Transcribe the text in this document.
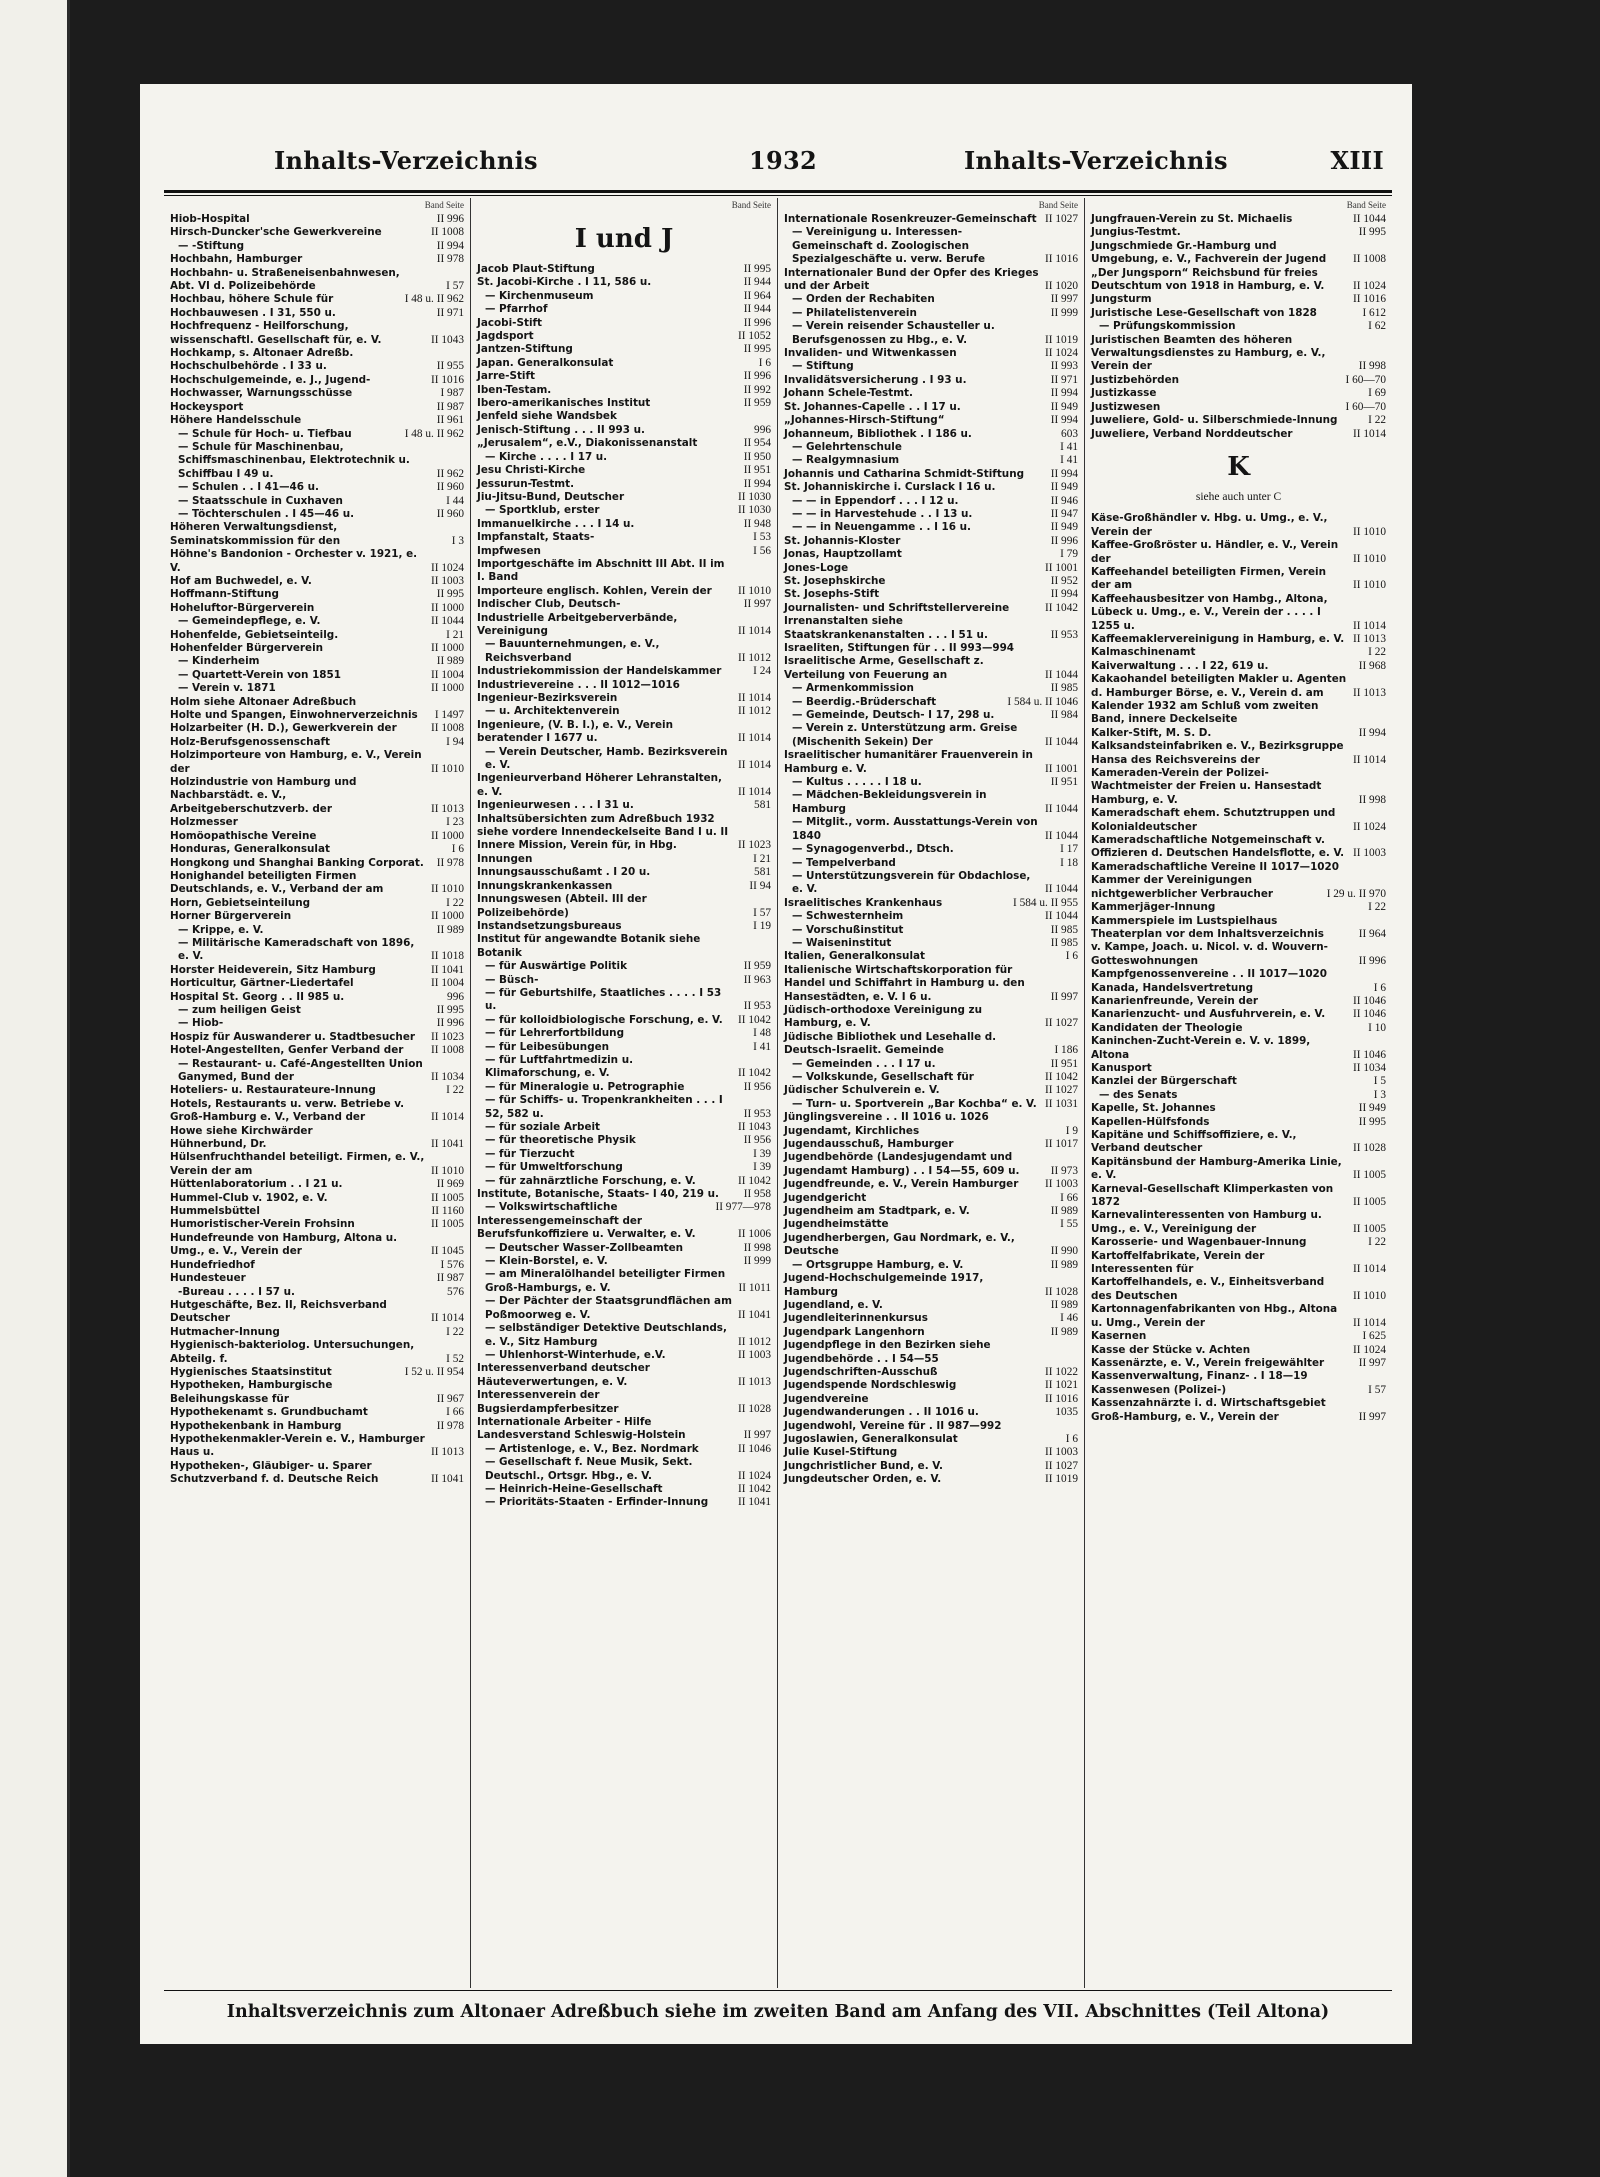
Inhalts-Verzeichnis	1932	Inhalts-Verzeichnis	XIII
Band Seite
Hiob-Hospital	II 996
Hirsch-Duncker'sche Gewerkvereine	II 1008
— -Stiftung	II 994
Hochbahn, Hamburger	II 978
Hochbahn- u. Straßeneisenbahnwesen, Abt. VI d. Polizeibehörde	I 57
Hochbau, höhere Schule für	I 48 u. II 962
Hochbauwesen . I 31, 550 u.	II 971
Hochfrequenz - Heilforschung, wissenschaftl. Gesellschaft für, e. V.	II 1043
Hochkamp, s. Altonaer Adreßb.
Hochschulbehörde . I 33 u.	II 955
Hochschulgemeinde, e. J., Jugend-	II 1016
Hochwasser, Warnungsschüsse	I 987
Hockeysport	II 987
Höhere Handelsschule	II 961
— Schule für Hoch- u. Tiefbau	I 48 u. II 962
— Schule für Maschinenbau, Schiffsmaschinenbau, Elektrotechnik u. Schiffbau I 49 u.	II 962
— Schulen . . I 41—46 u.	II 960
— Staatsschule in Cuxhaven	I 44
— Töchterschulen . I 45—46 u.	II 960
Höheren Verwaltungsdienst, Seminatskommission für den	I 3
Höhne's Bandonion - Orchester v. 1921, e. V.	II 1024
Hof am Buchwedel, e. V.	II 1003
Hoffmann-Stiftung	II 995
Hoheluftor-Bürgerverein	II 1000
— Gemeindepflege, e. V.	II 1044
Hohenfelde, Gebietseinteilg.	I 21
Hohenfelder Bürgerverein	II 1000
— Kinderheim	II 989
— Quartett-Verein von 1851	II 1004
— Verein v. 1871	II 1000
Holm siehe Altonaer Adreßbuch
Holte und Spangen, Einwohnerverzeichnis	I 1497
Holzarbeiter (H. D.), Gewerkverein der	II 1008
Holz-Berufsgenossenschaft	I 94
Holzimporteure von Hamburg, e. V., Verein der	II 1010
Holzindustrie von Hamburg und Nachbarstädt. e. V., Arbeitgeberschutzverb. der	II 1013
Holzmesser	I 23
Homöopathische Vereine	II 1000
Honduras, Generalkonsulat	I 6
Hongkong und Shanghai Banking Corporat.	II 978
Honighandel beteiligten Firmen Deutschlands, e. V., Verband der am	II 1010
Horn, Gebietseinteilung	I 22
Horner Bürgerverein	II 1000
— Krippe, e. V.	II 989
— Militärische Kameradschaft von 1896, e. V.	II 1018
Horster Heideverein, Sitz Hamburg	II 1041
Horticultur, Gärtner-Liedertafel	II 1004
Hospital St. Georg . . II 985 u.	996
— zum heiligen Geist	II 995
— Hiob-	II 996
Hospiz für Auswanderer u. Stadtbesucher	II 1023
Hotel-Angestellten, Genfer Verband der	II 1008
— Restaurant- u. Café-Angestellten Union Ganymed, Bund der	II 1034
Hoteliers- u. Restaurateure-Innung	I 22
Hotels, Restaurants u. verw. Betriebe v. Groß-Hamburg e. V., Verband der	II 1014
Howe siehe Kirchwärder
Hühnerbund, Dr.	II 1041
Hülsenfruchthandel beteiligt. Firmen, e. V., Verein der am	II 1010
Hüttenlaboratorium . . I 21 u.	II 969
Hummel-Club v. 1902, e. V.	II 1005
Hummelsbüttel	II 1160
Humoristischer-Verein Frohsinn	II 1005
Hundefreunde von Hamburg, Altona u. Umg., e. V., Verein der	II 1045
Hundefriedhof	I 576
Hundesteuer	II 987
-Bureau . . . . I 57 u.	576
Hutgeschäfte, Bez. II, Reichsverband Deutscher	II 1014
Hutmacher-Innung	I 22
Hygienisch-bakteriolog. Untersuchungen, Abteilg. f.	I 52
Hygienisches Staatsinstitut	I 52 u. II 954
Hypotheken, Hamburgische Beleihungskasse für	II 967
Hypothekenamt s. Grundbuchamt	I 66
Hypothekenbank in Hamburg	II 978
Hypothekenmakler-Verein e. V., Hamburger Haus u.	II 1013
Hypotheken-, Gläubiger- u. Sparer Schutzverband f. d. Deutsche Reich	II 1041
Band Seite
I und J
Jacob Plaut-Stiftung	II 995
St. Jacobi-Kirche . I 11, 586 u.	II 944
— Kirchenmuseum	II 964
— Pfarrhof	II 944
Jacobi-Stift	II 996
Jagdsport	II 1052
Jantzen-Stiftung	II 995
Japan. Generalkonsulat	I 6
Jarre-Stift	II 996
Iben-Testam.	II 992
Ibero-amerikanisches Institut	II 959
Jenfeld siehe Wandsbek
Jenisch-Stiftung . . . II 993 u.	996
„Jerusalem“, e.V., Diakonissenanstalt	II 954
— Kirche . . . . I 17 u.	II 950
Jesu Christi-Kirche	II 951
Jessurun-Testmt.	II 994
Jiu-Jitsu-Bund, Deutscher	II 1030
— Sportklub, erster	II 1030
Immanuelkirche . . . I 14 u.	II 948
Impfanstalt, Staats-	I 53
Impfwesen	I 56
Importgeschäfte im Abschnitt III Abt. II im I. Band
Importeure englisch. Kohlen, Verein der	II 1010
Indischer Club, Deutsch-	II 997
Industrielle Arbeitgeberverbände, Vereinigung	II 1014
— Bauunternehmungen, e. V., Reichsverband	II 1012
Industriekommission der Handelskammer	I 24
Industrievereine . . . II 1012—1016
Ingenieur-Bezirksverein	II 1014
— u. Architektenverein	II 1012
Ingenieure, (V. B. I.), e. V., Verein beratender I 1677 u.	II 1014
— Verein Deutscher, Hamb. Bezirksverein e. V.	II 1014
Ingenieurverband Höherer Lehranstalten, e. V.	II 1014
Ingenieurwesen . . . I 31 u.	581
Inhaltsübersichten zum Adreßbuch 1932 siehe vordere Innendeckelseite Band I u. II
Innere Mission, Verein für, in Hbg.	II 1023
Innungen	I 21
Innungsausschußamt . I 20 u.	581
Innungskrankenkassen	II 94
Innungswesen (Abteil. III der Polizeibehörde)	I 57
Instandsetzungsbureaus	I 19
Institut für angewandte Botanik siehe Botanik
— für Auswärtige Politik	II 959
— Büsch-	II 963
— für Geburtshilfe, Staatliches . . . . I 53 u.	II 953
— für kolloidbiologische Forschung, e. V.	II 1042
— für Lehrerfortbildung	I 48
— für Leibesübungen	I 41
— für Luftfahrtmedizin u. Klimaforschung, e. V.	II 1042
— für Mineralogie u. Petrographie	II 956
— für Schiffs- u. Tropenkrankheiten . . . I 52, 582 u.	II 953
— für soziale Arbeit	II 1043
— für theoretische Physik	II 956
— für Tierzucht	I 39
— für Umweltforschung	I 39
— für zahnärztliche Forschung, e. V.	II 1042
Institute, Botanische, Staats- I 40, 219 u.	II 958
— Volkswirtschaftliche	II 977—978
Interessengemeinschaft der Berufsfunkoffiziere u. Verwalter, e. V.	II 1006
— Deutscher Wasser-Zollbeamten	II 998
— Klein-Borstel, e. V.	II 999
— am Mineralölhandel beteiligter Firmen Groß-Hamburgs, e. V.	II 1011
— Der Pächter der Staatsgrundflächen am Poßmoorweg e. V.	II 1041
— selbständiger Detektive Deutschlands, e. V., Sitz Hamburg	II 1012
— Uhlenhorst-Winterhude, e.V.	II 1003
Interessenverband deutscher Häuteverwertungen, e. V.	II 1013
Interessenverein der Bugsierdampferbesitzer	II 1028
Internationale Arbeiter - Hilfe Landesverstand Schleswig-Holstein	II 997
— Artistenloge, e. V., Bez. Nordmark	II 1046
— Gesellschaft f. Neue Musik, Sekt. Deutschl., Ortsgr. Hbg., e. V.	II 1024
— Heinrich-Heine-Gesellschaft	II 1042
— Prioritäts-Staaten - Erfinder-Innung	II 1041
Band Seite
Internationale Rosenkreuzer-Gemeinschaft II 1027
— Vereinigung u. Interessen-Gemeinschaft d. Zoologischen Spezialgeschäfte u. verw. Berufe	II 1016
Internationaler Bund der Opfer des Krieges und der Arbeit	II 1020
— Orden der Rechabiten	II 997
— Philatelistenverein	II 999
— Verein reisender Schausteller u. Berufsgenossen zu Hbg., e. V.	II 1019
Invaliden- und Witwenkassen	II 1024
— Stiftung	II 993
Invalidätsversicherung . I 93 u.	II 971
Johann Schele-Testmt.	II 994
St. Johannes-Capelle . . I 17 u.	II 949
„Johannes-Hirsch-Stiftung“	II 994
Johanneum, Bibliothek . I 186 u.	603
— Gelehrtenschule	I 41
— Realgymnasium	I 41
Johannis und Catharina Schmidt-Stiftung	II 994
St. Johanniskirche i. Curslack I 16 u.	II 949
— — in Eppendorf . . . I 12 u.	II 946
— — in Harvestehude . . I 13 u.	II 947
— — in Neuengamme . . I 16 u.	II 949
St. Johannis-Kloster	II 996
Jonas, Hauptzollamt	I 79
Jones-Loge	II 1001
St. Josephskirche	II 952
St. Josephs-Stift	II 994
Journalisten- und Schriftstellervereine	II 1042
Irrenanstalten siehe Staatskrankenanstalten . . . I 51 u.	II 953
Israeliten, Stiftungen für . . II 993—994
Israelitische Arme, Gesellschaft z. Verteilung von Feuerung an	II 1044
— Armenkommission	II 985
— Beerdig.-Brüderschaft	I 584 u. II 1046
— Gemeinde, Deutsch- I 17, 298 u.	II 984
— Verein z. Unterstützung arm. Greise (Mischenith Sekein) Der	II 1044
Israelitischer humanitärer Frauenverein in Hamburg e. V.	II 1001
— Kultus . . . . . I 18 u.	II 951
— Mädchen-Bekleidungsverein in Hamburg	II 1044
— Mitglit., vorm. Ausstattungs-Verein von 1840	II 1044
— Synagogenverbd., Dtsch.	I 17
— Tempelverband	I 18
— Unterstützungsverein für Obdachlose, e. V.	II 1044
Israelitisches Krankenhaus	I 584 u. II 955
— Schwesternheim	II 1044
— Vorschußinstitut	II 985
— Waiseninstitut	II 985
Italien, Generalkonsulat	I 6
Italienische Wirtschaftskorporation für Handel und Schiffahrt in Hamburg u. den Hansestädten, e. V. I 6 u.	II 997
Jüdisch-orthodoxe Vereinigung zu Hamburg, e. V.	II 1027
Jüdische Bibliothek und Lesehalle d. Deutsch-Israelit. Gemeinde	I 186
— Gemeinden . . . I 17 u.	II 951
— Volkskunde, Gesellschaft für	II 1042
Jüdischer Schulverein e. V.	II 1027
— Turn- u. Sportverein „Bar Kochba“ e. V. II 1031
Jünglingsvereine . . II 1016 u. 1026
Jugendamt, Kirchliches	I 9
Jugendausschuß, Hamburger	II 1017
Jugendbehörde (Landesjugendamt und Jugendamt Hamburg) . . I 54—55, 609 u.	II 973
Jugendfreunde, e. V., Verein Hamburger	II 1003
Jugendgericht	I 66
Jugendheim am Stadtpark, e. V.	II 989
Jugendheimstätte	I 55
Jugendherbergen, Gau Nordmark, e. V., Deutsche	II 990
— Ortsgruppe Hamburg, e. V.	II 989
Jugend-Hochschulgemeinde 1917, Hamburg	II 1028
Jugendland, e. V.	II 989
Jugendleiterinnenkursus	I 46
Jugendpark Langenhorn	II 989
Jugendpflege in den Bezirken siehe Jugendbehörde . . I 54—55
Jugendschriften-Ausschuß	II 1022
Jugendspende Nordschleswig	II 1021
Jugendvereine	II 1016
Jugendwanderungen . . II 1016 u.	1035
Jugendwohl, Vereine für . II 987—992
Jugoslawien, Generalkonsulat	I 6
Julie Kusel-Stiftung	II 1003
Jungchristlicher Bund, e. V.	II 1027
Jungdeutscher Orden, e. V.	II 1019
Band Seite
Jungfrauen-Verein zu St. Michaelis	II 1044
Jungius-Testmt.	II 995
Jungschmiede Gr.-Hamburg und Umgebung, e. V., Fachverein der Jugend	II 1008
„Der Jungsporn“ Reichsbund für freies Deutschtum von 1918 in Hamburg, e. V.	II 1024
Jungsturm	II 1016
Juristische Lese-Gesellschaft von 1828	I 612
— Prüfungskommission	I 62
Juristischen Beamten des höheren Verwaltungsdienstes zu Hamburg, e. V., Verein der	II 998
Justizbehörden	I 60—70
Justizkasse	I 69
Justizwesen	I 60—70
Juweliere, Gold- u. Silberschmiede-Innung	I 22
Juweliere, Verband Norddeutscher	II 1014
K
siehe auch unter C
Käse-Großhändler v. Hbg. u. Umg., e. V., Verein der	II 1010
Kaffee-Großröster u. Händler, e. V., Verein der	II 1010
Kaffeehandel beteiligten Firmen, Verein der am	II 1010
Kaffeehausbesitzer von Hambg., Altona, Lübeck u. Umg., e. V., Verein der . . . . I 1255 u.	II 1014
Kaffeemaklervereinigung in Hamburg, e. V. II 1013
Kalmaschinenamt	I 22
Kaiverwaltung . . . I 22, 619 u.	II 968
Kakaohandel beteiligten Makler u. Agenten d. Hamburger Börse, e. V., Verein d. am	II 1013
Kalender 1932 am Schluß vom zweiten Band, innere Deckelseite
Kalker-Stift, M. S. D.	II 994
Kalksandsteinfabriken e. V., Bezirksgruppe Hansa des Reichsvereins der	II 1014
Kameraden-Verein der Polizei-Wachtmeister der Freien u. Hansestadt Hamburg, e. V.	II 998
Kameradschaft ehem. Schutztruppen und Kolonialdeutscher	II 1024
Kameradschaftliche Notgemeinschaft v. Offizieren d. Deutschen Handelsflotte, e. V. II 1003
Kameradschaftliche Vereine II 1017—1020
Kammer der Vereinigungen nichtgewerblicher Verbraucher	I 29 u. II 970
Kammerjäger-Innung	I 22
Kammerspiele im Lustspielhaus Theaterplan vor dem Inhaltsverzeichnis	II 964
v. Kampe, Joach. u. Nicol. v. d. Wouvern-Gotteswohnungen	II 996
Kampfgenossenvereine . . II 1017—1020
Kanada, Handelsvertretung	I 6
Kanarienfreunde, Verein der	II 1046
Kanarienzucht- und Ausfuhrverein, e. V.	II 1046
Kandidaten der Theologie	I 10
Kaninchen-Zucht-Verein e. V. v. 1899, Altona	II 1046
Kanusport	II 1034
Kanzlei der Bürgerschaft	I 5
— des Senats	I 3
Kapelle, St. Johannes	II 949
Kapellen-Hülfsfonds	II 995
Kapitäne und Schiffsoffiziere, e. V., Verband deutscher	II 1028
Kapitänsbund der Hamburg-Amerika Linie, e. V.	II 1005
Karneval-Gesellschaft Klimperkasten von 1872	II 1005
Karnevalinteressenten von Hamburg u. Umg., e. V., Vereinigung der	II 1005
Karosserie- und Wagenbauer-Innung	I 22
Kartoffelfabrikate, Verein der Interessenten für	II 1014
Kartoffelhandels, e. V., Einheitsverband des Deutschen	II 1010
Kartonnagenfabrikanten von Hbg., Altona u. Umg., Verein der	II 1014
Kasernen	I 625
Kasse der Stücke v. Achten	II 1024
Kassenärzte, e. V., Verein freigewählter	II 997
Kassenverwaltung, Finanz- . I 18—19
Kassenwesen (Polizei-)	I 57
Kassenzahnärzte i. d. Wirtschaftsgebiet Groß-Hamburg, e. V., Verein der	II 997
Inhaltsverzeichnis zum Altonaer Adreßbuch siehe im zweiten Band am Anfang des VII. Abschnittes (Teil Altona)
